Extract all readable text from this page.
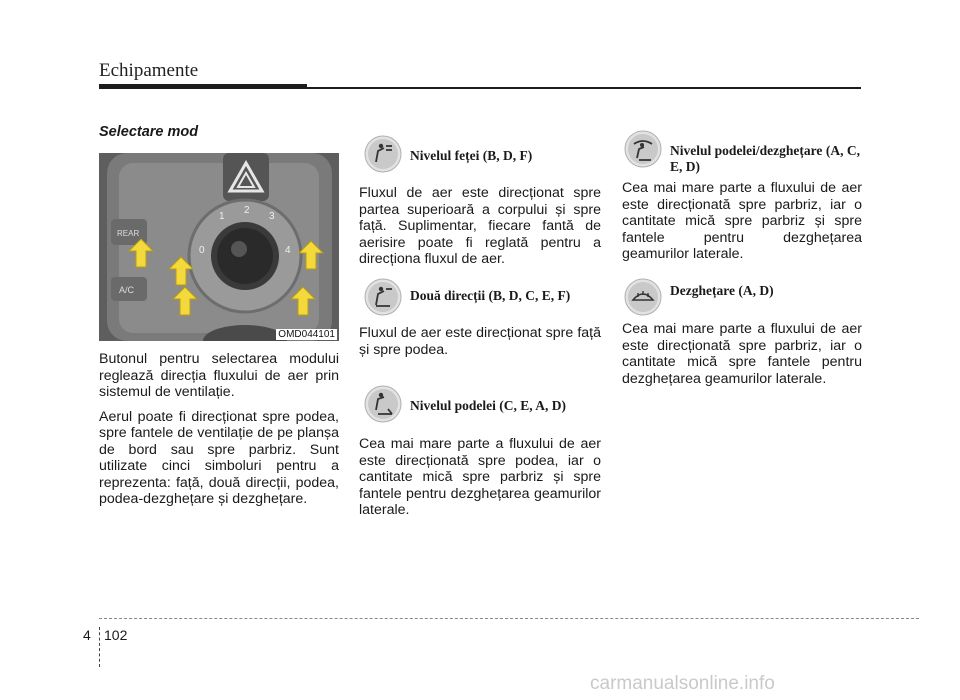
Echipamente
Selectare mod
REAR
A/C
0
1
2
3
4
OMD044101

Butonul pentru selectarea modului reglează direcția fluxului de aer prin sistemul de ventilație.

Aerul poate fi direcționat spre podea, spre fantele de ventilație de pe planșa de bord sau spre parbriz. Sunt utilizate cinci simboluri pentru a reprezenta: față, două direcții, podea, podea-dezghețare și dezghețare.

Nivelul feței (B, D, F)

Fluxul de aer este direcționat spre partea superioară a corpului și spre față. Suplimentar, fiecare fantă de aerisire poate fi reglată pentru a direcționa fluxul de aer.

Două direcții (B, D, C, E, F)

Fluxul de aer este direcționat spre față și spre podea.

Nivelul podelei (C, E, A, D)

Cea mai mare parte a fluxului de aer este direcționată spre podea, iar o cantitate mică spre parbriz și spre fantele pentru dezghețarea geamurilor laterale.

Nivelul podelei/dezghețare (A, C, E, D)

Cea mai mare parte a fluxului de aer este direcționată spre parbriz, iar o cantitate mică spre parbriz și spre fantele pentru dezghețarea geamurilor laterale.

Dezghețare (A, D)

Cea mai mare parte a fluxului de aer este direcționată spre parbriz, iar o cantitate mică spre fantele pentru dezghețarea geamurilor laterale.

4 102
carmanualsonline.info
